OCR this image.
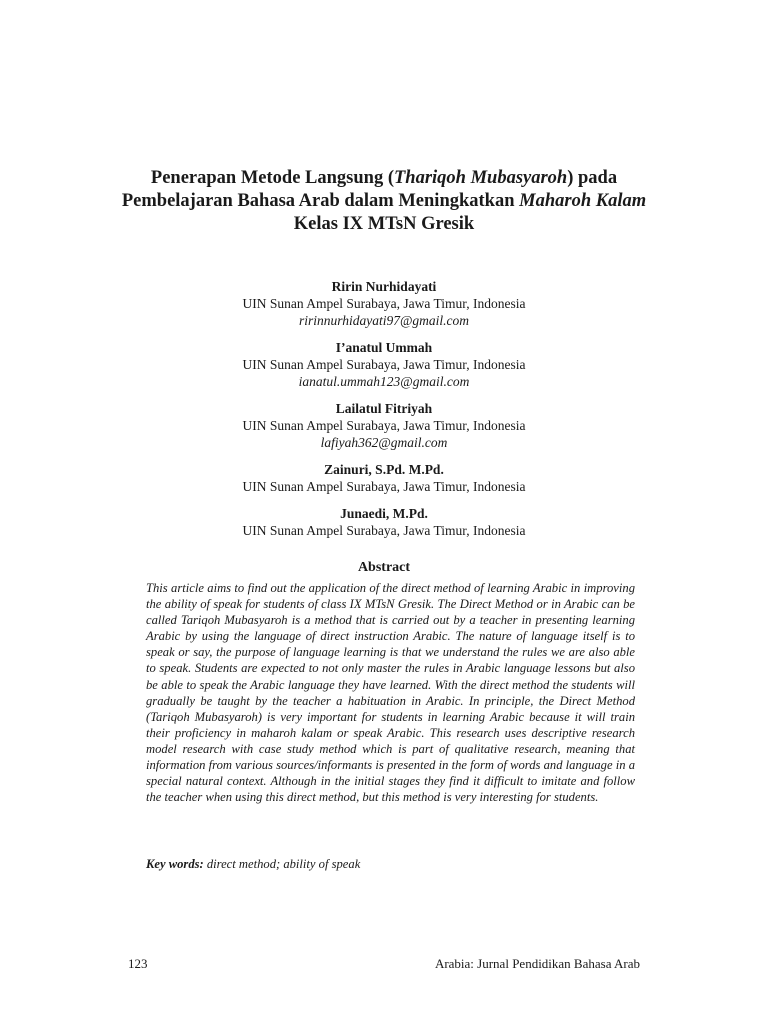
Penerapan Metode Langsung (Thariqoh Mubasyaroh) pada
Pembelajaran Bahasa Arab dalam Meningkatkan Maharoh Kalam
Kelas IX MTsN Gresik
Ririn Nurhidayati
UIN Sunan Ampel Surabaya, Jawa Timur, Indonesia
ririnnurhidayati97@gmail.com
I’anatul Ummah
UIN Sunan Ampel Surabaya, Jawa Timur, Indonesia
ianatul.ummah123@gmail.com
Lailatul Fitriyah
UIN Sunan Ampel Surabaya, Jawa Timur, Indonesia
lafiyah362@gmail.com
Zainuri, S.Pd. M.Pd.
UIN Sunan Ampel Surabaya, Jawa Timur, Indonesia
Junaedi, M.Pd.
UIN Sunan Ampel Surabaya, Jawa Timur, Indonesia
Abstract
This article aims to find out the application of the direct method of learning Arabic in improving the ability of speak for students of class IX MTsN Gresik. The Direct Method or in Arabic can be called Tariqoh Mubasyaroh is a method that is carried out by a teacher in presenting learning Arabic by using the language of direct instruction Arabic. The nature of language itself is to speak or say, the purpose of language learning is that we understand the rules we are also able to speak. Students are expected to not only master the rules in Arabic language lessons but also be able to speak the Arabic language they have learned. With the direct method the students will gradually be taught by the teacher a habituation in Arabic. In principle, the Direct Method (Tariqoh Mubasyaroh) is very important for students in learning Arabic because it will train their proficiency in maharoh kalam or speak Arabic. This research uses descriptive research model research with case study method which is part of qualitative research, meaning that information from various sources/informants is presented in the form of words and language in a special natural context. Although in the initial stages they find it difficult to imitate and follow the teacher when using this direct method, but this method is very interesting for students.
Key words: direct method; ability of speak
123	Arabia: Jurnal Pendidikan Bahasa Arab
